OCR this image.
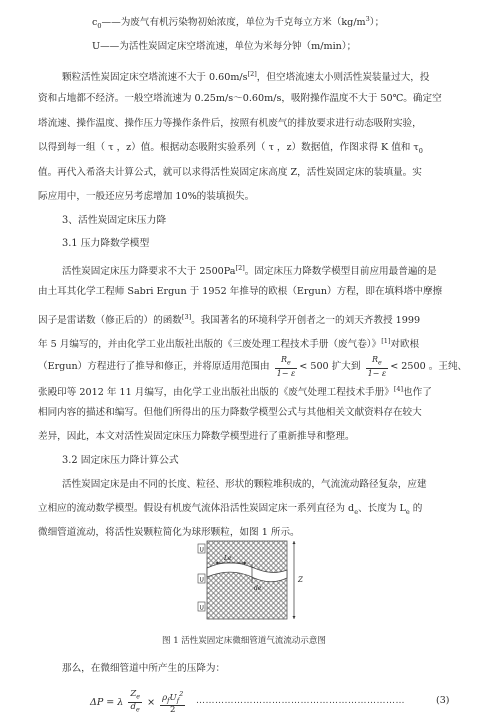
$c_0——$为废气有机污染物初始浓度，单位为千克每立方米$(kg/m^3)$；
U——为活性炭固定床空塔流速，单位为米每分钟（m/min）；
颗粒活性炭固定床空塔流速不大于 0.60m/s[2]，但空塔流速太小则活性炭装量过大，投
资和占地都不经济。一般空塔流速为 0.25m/s～0.60m/s，吸附操作温度不大于 50℃。确定空
塔流速、操作温度、操作压力等操作条件后，按照有机废气的排放要求进行动态吸附实验，
以得到每一组（ τ ，z）值。根据动态吸附实验系列（ τ ，z）数据值，作图求得 K 值和 $\tau_0$
值。再代入希洛夫计算公式，就可以求得活性炭固定床高度 Z，活性炭固定床的装填量。实
际应用中，一般还应另考虑增加 10%的装填损失。
3、活性炭固定床压力降
3.1 压力降数学模型
活性炭固定床压力降要求不大于 2500Pa[2]。固定床压力降数学模型目前应用最普遍的是
由土耳其化学工程师 Sabri Ergun 于 1952 年推导的欧根（Ergun）方程，即在填料塔中摩擦
因子是雷诺数（修正后的）的函数[3]。我国著名的环境科学开创者之一的刘天齐教授 1999
年 5 月编写的，并由化学工业出版社出版的《三废处理工程技术手册（废气卷）》[1]对欧根
（Ergun）方程进行了推导和修正，并将原适用范围由 $\frac{R_e}{1- \varepsilon} < 500$ 扩大到 $\frac{R_e}{1- \varepsilon} < 2500$ 。王纯、
张殿印等 2012 年 11 月编写，由化学工业出版社出版的《废气处理工程技术手册》[4]也作了
相同内容的描述和编写。但他们所得出的压力降数学模型公式与其他相关文献资料存在较大
差异，因此，本文对活性炭固定床压力降数学模型进行了重新推导和整理。
3.2 固定床压力降计算公式
活性炭固定床是由不同的长度、粒径、形状的颗粒堆积成的，气流流动路径复杂，应建
立相应的流动数学模型。假设有机废气流体沿活性炭固定床一系列直径为 $d_e$、长度为 $L_e$ 的
微细管道流动，将活性炭颗粒简化为球形颗粒，如图 1 所示。
U
U
U
Le
de
Z
图 1 活性炭固定床微细管道气流流动示意图
那么，在微细管道中所产生的压降为：
ΔP = λ $\frac{Z_e}{d_e} \times \frac{\rho_fU_f^2}{2}$ …………………………………………………………	(3)
